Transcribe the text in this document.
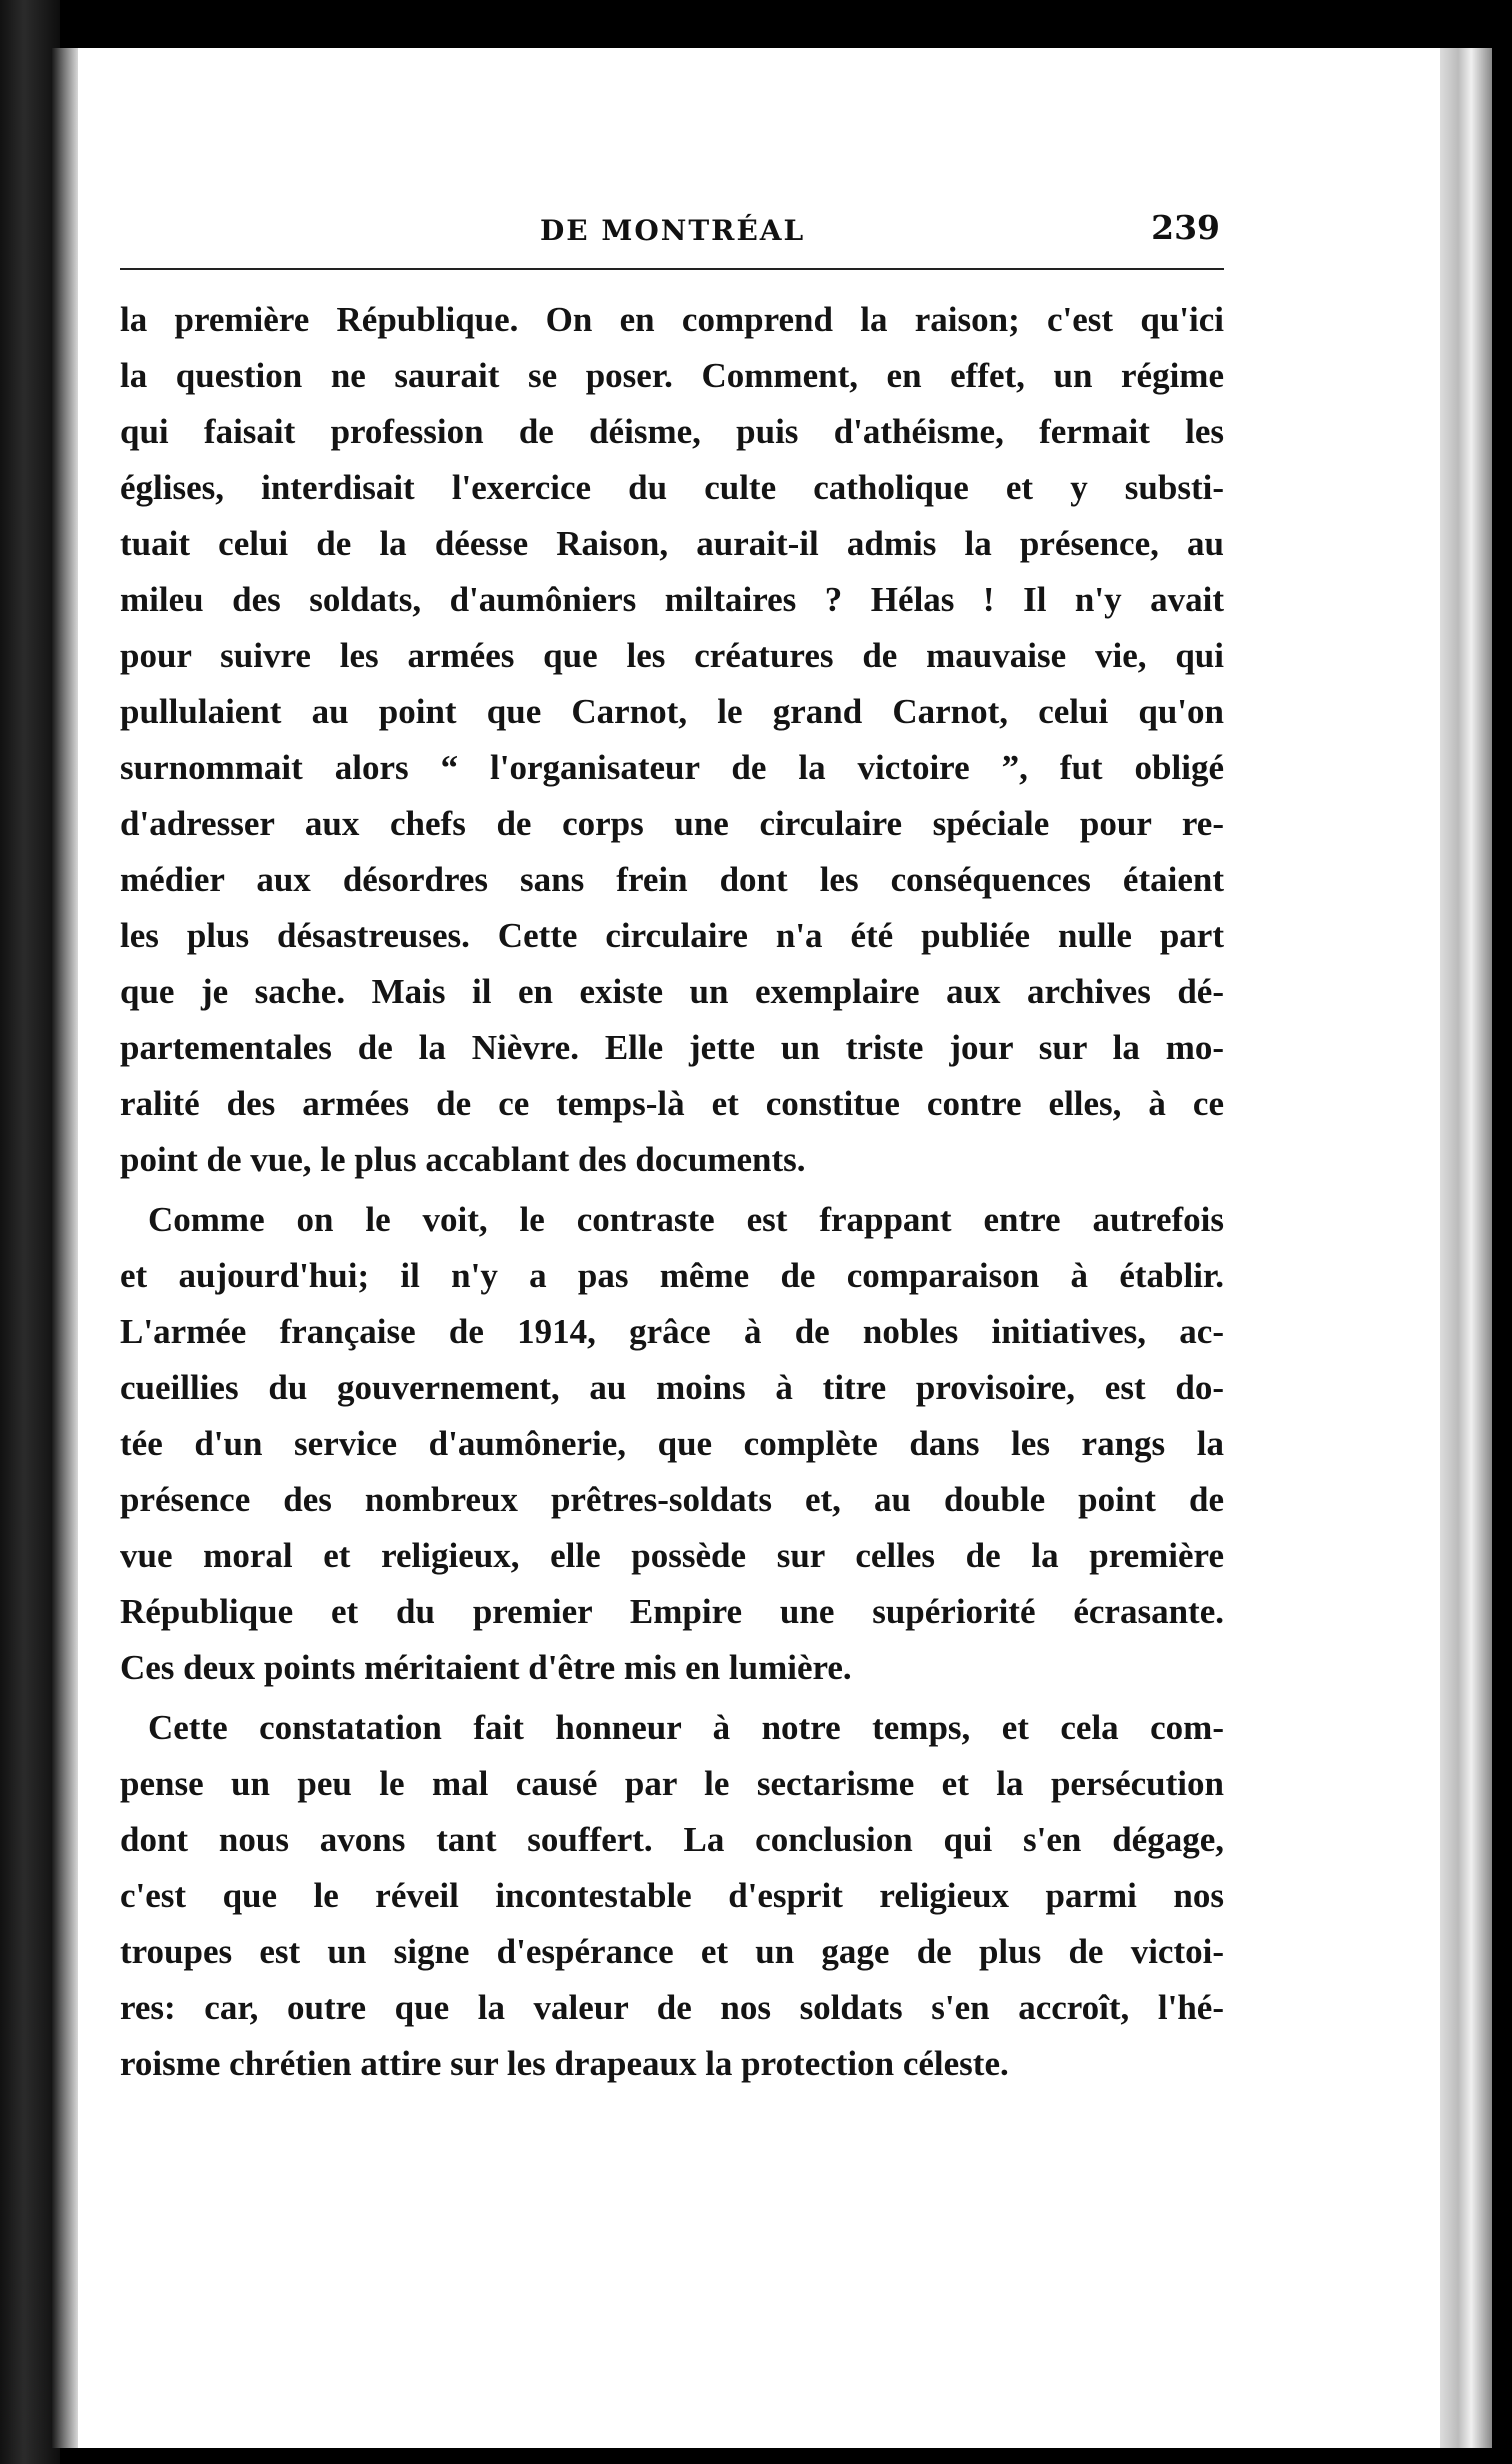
DE MONTRÉAL	239
la première République. On en comprend la raison; c'est qu'ici
la question ne saurait se poser. Comment, en effet, un régime
qui faisait profession de déisme, puis d'athéisme, fermait les
églises, interdisait l'exercice du culte catholique et y substi-
tuait celui de la déesse Raison, aurait-il admis la présence, au
mileu des soldats, d'aumôniers miltaires ? Hélas ! Il n'y avait
pour suivre les armées que les créatures de mauvaise vie, qui
pullulaient au point que Carnot, le grand Carnot, celui qu'on
surnommait alors “ l'organisateur de la victoire ”, fut obligé
d'adresser aux chefs de corps une circulaire spéciale pour re-
médier aux désordres sans frein dont les conséquences étaient
les plus désastreuses. Cette circulaire n'a été publiée nulle part
que je sache. Mais il en existe un exemplaire aux archives dé-
partementales de la Nièvre. Elle jette un triste jour sur la mo-
ralité des armées de ce temps-là et constitue contre elles, à ce
point de vue, le plus accablant des documents.
Comme on le voit, le contraste est frappant entre autrefois
et aujourd'hui; il n'y a pas même de comparaison à établir.
L'armée française de 1914, grâce à de nobles initiatives, ac-
cueillies du gouvernement, au moins à titre provisoire, est do-
tée d'un service d'aumônerie, que complète dans les rangs la
présence des nombreux prêtres-soldats et, au double point de
vue moral et religieux, elle possède sur celles de la première
République et du premier Empire une supériorité écrasante.
Ces deux points méritaient d'être mis en lumière.
Cette constatation fait honneur à notre temps, et cela com-
pense un peu le mal causé par le sectarisme et la persécution
dont nous avons tant souffert. La conclusion qui s'en dégage,
c'est que le réveil incontestable d'esprit religieux parmi nos
troupes est un signe d'espérance et un gage de plus de victoi-
res: car, outre que la valeur de nos soldats s'en accroît, l'hé-
roisme chrétien attire sur les drapeaux la protection céleste.
